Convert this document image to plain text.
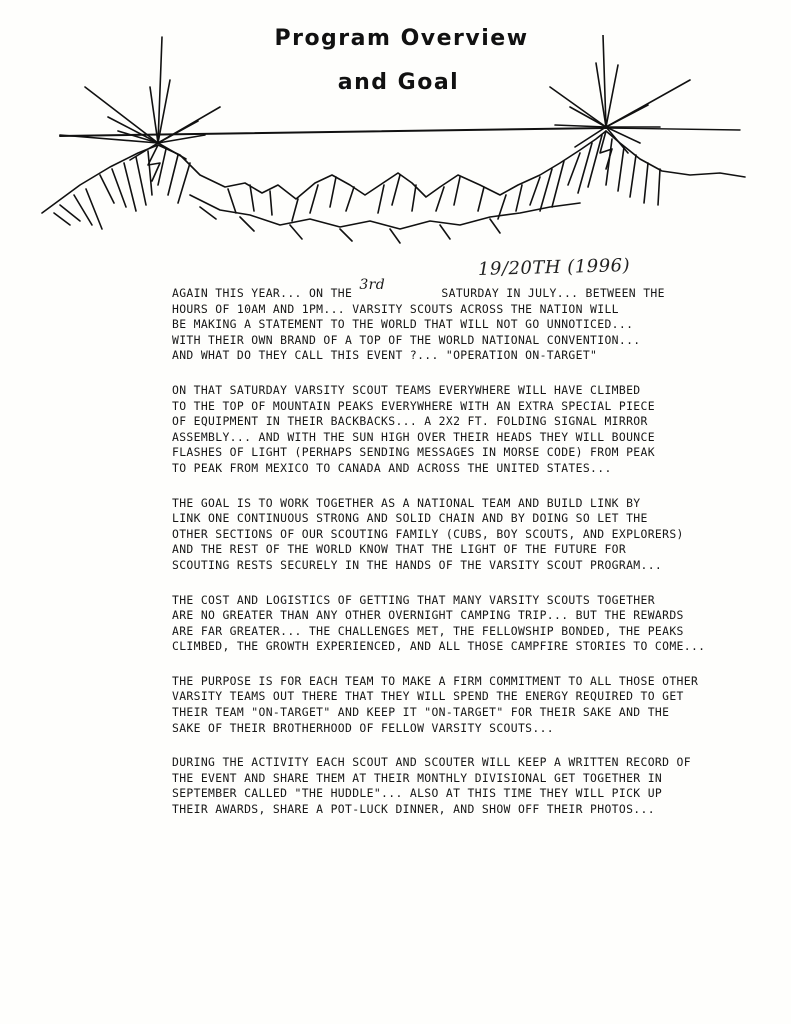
Program Overview
and Goal
19/20TH (1996)
AGAIN THIS YEAR... ON THE 3rd	SATURDAY IN JULY... BETWEEN THE
HOURS OF 10AM AND 1PM... VARSITY SCOUTS ACROSS THE NATION WILL
BE MAKING A STATEMENT TO THE WORLD THAT WILL NOT GO UNNOTICED...
WITH THEIR OWN BRAND OF A TOP OF THE WORLD NATIONAL CONVENTION...
AND WHAT DO THEY CALL THIS EVENT ?... "OPERATION ON-TARGET"
ON THAT SATURDAY VARSITY SCOUT TEAMS EVERYWHERE WILL HAVE CLIMBED
TO THE TOP OF MOUNTAIN PEAKS EVERYWHERE WITH AN EXTRA SPECIAL PIECE
OF EQUIPMENT IN THEIR BACKBACKS... A 2X2 FT. FOLDING SIGNAL MIRROR
ASSEMBLY... AND WITH THE SUN HIGH OVER THEIR HEADS THEY WILL BOUNCE
FLASHES OF LIGHT (PERHAPS SENDING MESSAGES IN MORSE CODE) FROM PEAK
TO PEAK FROM MEXICO TO CANADA AND ACROSS THE UNITED STATES...
THE GOAL IS TO WORK TOGETHER AS A NATIONAL TEAM AND BUILD LINK BY
LINK ONE CONTINUOUS STRONG AND SOLID CHAIN AND BY DOING SO LET THE
OTHER SECTIONS OF OUR SCOUTING FAMILY (CUBS, BOY SCOUTS, AND EXPLORERS)
AND THE REST OF THE WORLD KNOW THAT THE LIGHT OF THE FUTURE FOR
SCOUTING RESTS SECURELY IN THE HANDS OF THE VARSITY SCOUT PROGRAM...
THE COST AND LOGISTICS OF GETTING THAT MANY VARSITY SCOUTS TOGETHER
ARE NO GREATER THAN ANY OTHER OVERNIGHT CAMPING TRIP... BUT THE REWARDS
ARE FAR GREATER... THE CHALLENGES MET, THE FELLOWSHIP BONDED, THE PEAKS
CLIMBED, THE GROWTH EXPERIENCED, AND ALL THOSE CAMPFIRE STORIES TO COME...
THE PURPOSE IS FOR EACH TEAM TO MAKE A FIRM COMMITMENT TO ALL THOSE OTHER
VARSITY TEAMS OUT THERE THAT THEY WILL SPEND THE ENERGY REQUIRED TO GET
THEIR TEAM "ON-TARGET" AND KEEP IT "ON-TARGET" FOR THEIR SAKE AND THE
SAKE OF THEIR BROTHERHOOD OF FELLOW VARSITY SCOUTS...
DURING THE ACTIVITY EACH SCOUT AND SCOUTER WILL KEEP A WRITTEN RECORD OF
THE EVENT AND SHARE THEM AT THEIR MONTHLY DIVISIONAL GET TOGETHER IN
SEPTEMBER CALLED "THE HUDDLE"... ALSO AT THIS TIME THEY WILL PICK UP
THEIR AWARDS, SHARE A POT-LUCK DINNER, AND SHOW OFF THEIR PHOTOS...
